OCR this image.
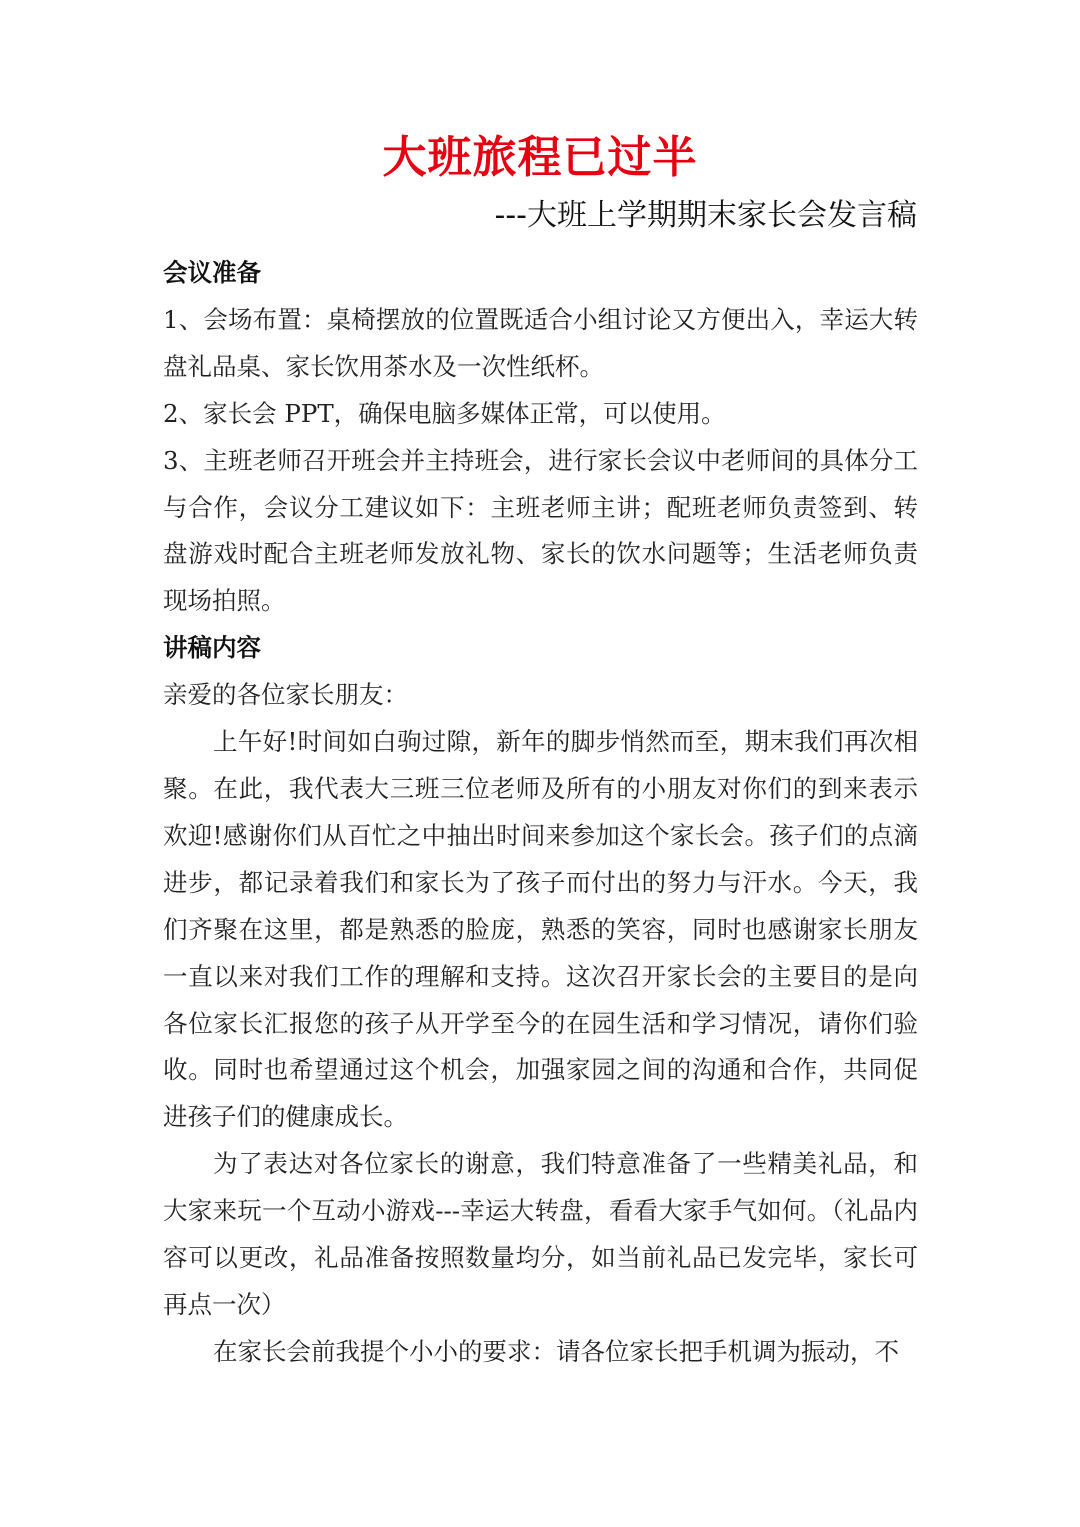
大班旅程已过半
---大班上学期期末家长会发言稿

会议准备

1、会场布置：桌椅摆放的位置既适合小组讨论又方便出入，幸运大转盘礼品桌、家长饮用茶水及一次性纸杯。

2、家长会 PPT，确保电脑多媒体正常，可以使用。

3、主班老师召开班会并主持班会，进行家长会议中老师间的具体分工与合作，会议分工建议如下：主班老师主讲；配班老师负责签到、转盘游戏时配合主班老师发放礼物、家长的饮水问题等；生活老师负责现场拍照。

讲稿内容

亲爱的各位家长朋友：

上午好!时间如白驹过隙，新年的脚步悄然而至，期末我们再次相聚。在此，我代表大三班三位老师及所有的小朋友对你们的到来表示欢迎!感谢你们从百忙之中抽出时间来参加这个家长会。孩子们的点滴进步，都记录着我们和家长为了孩子而付出的努力与汗水。今天，我们齐聚在这里，都是熟悉的脸庞，熟悉的笑容，同时也感谢家长朋友一直以来对我们工作的理解和支持。这次召开家长会的主要目的是向各位家长汇报您的孩子从开学至今的在园生活和学习情况，请你们验收。同时也希望通过这个机会，加强家园之间的沟通和合作，共同促进孩子们的健康成长。

为了表达对各位家长的谢意，我们特意准备了一些精美礼品，和大家来玩一个互动小游戏---幸运大转盘，看看大家手气如何。（礼品内容可以更改，礼品准备按照数量均分，如当前礼品已发完毕，家长可再点一次）

在家长会前我提个小小的要求：请各位家长把手机调为振动，不
